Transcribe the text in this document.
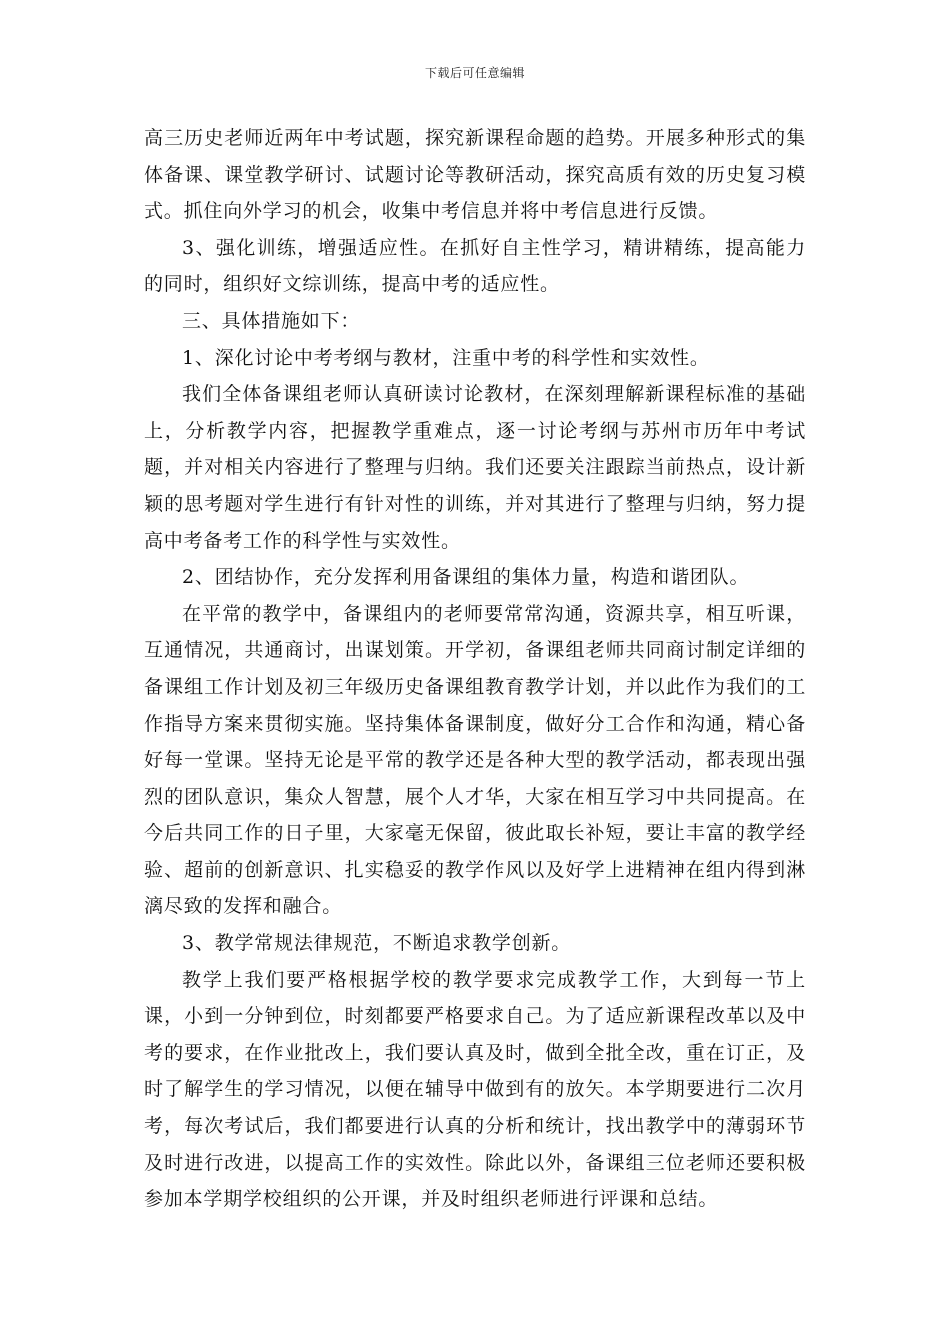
下载后可任意编辑

高三历史老师近两年中考试题，探究新课程命题的趋势。开展多种形式的集体备课、课堂教学研讨、试题讨论等教研活动，探究高质有效的历史复习模式。抓住向外学习的机会，收集中考信息并将中考信息进行反馈。

3、强化训练，增强适应性。在抓好自主性学习，精讲精练，提高能力的同时，组织好文综训练，提高中考的适应性。

三、具体措施如下：

1、深化讨论中考考纲与教材，注重中考的科学性和实效性。

我们全体备课组老师认真研读讨论教材，在深刻理解新课程标准的基础上，分析教学内容，把握教学重难点，逐一讨论考纲与苏州市历年中考试题，并对相关内容进行了整理与归纳。我们还要关注跟踪当前热点，设计新颖的思考题对学生进行有针对性的训练，并对其进行了整理与归纳，努力提高中考备考工作的科学性与实效性。

2、团结协作，充分发挥利用备课组的集体力量，构造和谐团队。

在平常的教学中，备课组内的老师要常常沟通，资源共享，相互听课，互通情况，共通商讨，出谋划策。开学初，备课组老师共同商讨制定详细的备课组工作计划及初三年级历史备课组教育教学计划，并以此作为我们的工作指导方案来贯彻实施。坚持集体备课制度，做好分工合作和沟通，精心备好每一堂课。坚持无论是平常的教学还是各种大型的教学活动，都表现出强烈的团队意识，集众人智慧，展个人才华，大家在相互学习中共同提高。在今后共同工作的日子里，大家毫无保留，彼此取长补短，要让丰富的教学经验、超前的创新意识、扎实稳妥的教学作风以及好学上进精神在组内得到淋漓尽致的发挥和融合。

3、教学常规法律规范，不断追求教学创新。

教学上我们要严格根据学校的教学要求完成教学工作，大到每一节上课，小到一分钟到位，时刻都要严格要求自己。为了适应新课程改革以及中考的要求，在作业批改上，我们要认真及时，做到全批全改，重在订正，及时了解学生的学习情况，以便在辅导中做到有的放矢。本学期要进行二次月考，每次考试后，我们都要进行认真的分析和统计，找出教学中的薄弱环节及时进行改进，以提高工作的实效性。除此以外，备课组三位老师还要积极参加本学期学校组织的公开课，并及时组织老师进行评课和总结。
